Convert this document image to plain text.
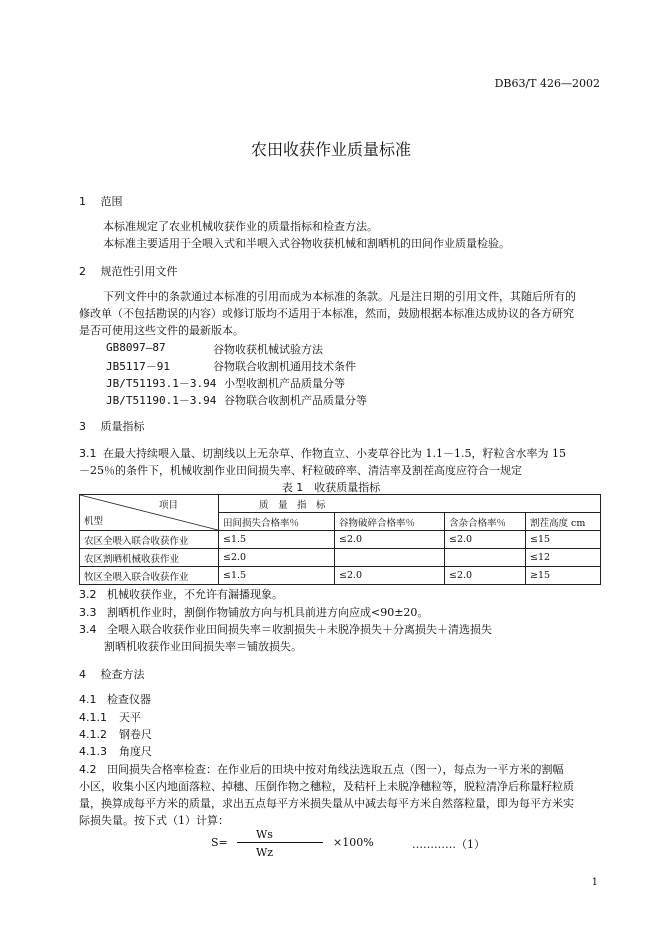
DB63/T 426—2002
农田收获作业质量标准
1 范围
本标准规定了农业机械收获作业的质量指标和检查方法。
本标准主要适用于全喂入式和半喂入式谷物收获机械和割晒机的田间作业质量检验。
2 规范性引用文件
下列文件中的条款通过本标准的引用而成为本标准的条款。凡是注日期的引用文件，其随后所有的
修改单（不包括勘误的内容）或修订版均不适用于本标准，然而，鼓励根据本标准达成协议的各方研究
是否可使用这些文件的最新版本。
GB8097—87	谷物收获机械试验方法
JB5117－91	谷物联合收割机通用技术条件
JB/T51193.1－3.94 小型收割机产品质量分等
JB/T51190.1－3.94 谷物联合收割机产品质量分等
3 质量指标
3.1 在最大持续喂入量、切割线以上无杂草、作物直立、小麦草谷比为 1.1－1.5，籽粒含水率为 15
－25％的条件下，机械收割作业田间损失率、籽粒破碎率、清洁率及割茬高度应符合一规定
表 1　收获质量指标
项目
机型	质　量　指　标			
	田间损失合格率％	谷物破碎合格率％	含杂合格率％	割茬高度 cm
农区全喂入联合收获作业	≤1.5	≤2.0	≤2.0	≤15
农区割晒机械收获作业	≤2.0			≤12
牧区全喂入联合收获作业	≤1.5	≤2.0	≤2.0	≥15
3.2 机械收获作业，不允许有漏播现象。
3.3 割晒机作业时，割倒作物铺放方向与机具前进方向应成<90±20。
3.4 全喂入联合收获作业田间损失率＝收割损失＋未脱净损失＋分离损失＋清选损失
割晒机收获作业田间损失率＝铺放损失。
4 检查方法
4.1 检查仪器
4.1.1 天平
4.1.2 钢卷尺
4.1.3 角度尺
4.2 田间损失合格率检查：在作业后的田块中按对角线法选取五点（图一），每点为一平方米的割幅
小区，收集小区内地面落粒、掉穗、压倒作物之穗粒，及秸杆上未脱净穗粒等，脱粒清净后称量籽粒质
量，换算成每平方米的质量，求出五点每平方米损失量从中减去每平方米自然落粒量，即为每平方米实
际损失量。按下式（1）计算：
S=
Ws
Wz
×100%	…………（1）
1
